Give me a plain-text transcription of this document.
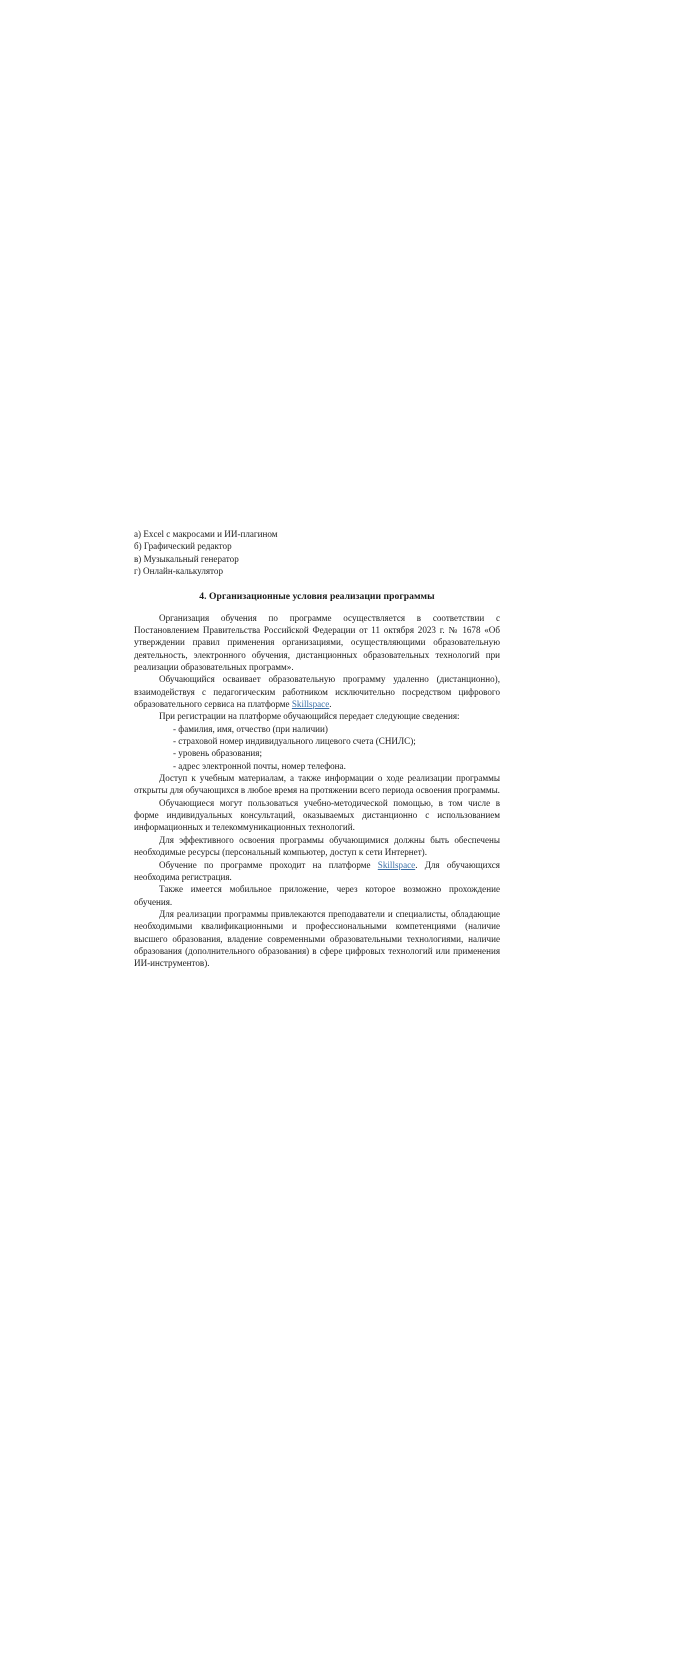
а) Excel с макросами и ИИ-плагином
б) Графический редактор
в) Музыкальный генератор
г) Онлайн-калькулятор
4. Организационные условия реализации программы

Организация обучения по программе осуществляется в соответствии с Постановлением Правительства Российской Федерации от 11 октября 2023 г. № 1678 «Об утверждении правил применения организациями, осуществляющими образовательную деятельность, электронного обучения, дистанционных образовательных технологий при реализации образовательных программ».

Обучающийся осваивает образовательную программу удаленно (дистанционно), взаимодействуя с педагогическим работником исключительно посредством цифрового образовательного сервиса на платформе Skillspace.

При регистрации на платформе обучающийся передает следующие сведения:

- фамилия, имя, отчество (при наличии)
- страховой номер индивидуального лицевого счета (СНИЛС);
- уровень образования;
- адрес электронной почты, номер телефона.

Доступ к учебным материалам, а также информации о ходе реализации программы открыты для обучающихся в любое время на протяжении всего периода освоения программы.

Обучающиеся могут пользоваться учебно-методической помощью, в том числе в форме индивидуальных консультаций, оказываемых дистанционно с использованием информационных и телекоммуникационных технологий.

Для эффективного освоения программы обучающимися должны быть обеспечены необходимые ресурсы (персональный компьютер, доступ к сети Интернет).

Обучение по программе проходит на платформе Skillspace. Для обучающихся необходима регистрация.

Также имеется мобильное приложение, через которое возможно прохождение обучения.

Для реализации программы привлекаются преподаватели и специалисты, обладающие необходимыми квалификационными и профессиональными компетенциями (наличие высшего образования, владение современными образовательными технологиями, наличие образования (дополнительного образования) в сфере цифровых технологий или применения ИИ-инструментов).
